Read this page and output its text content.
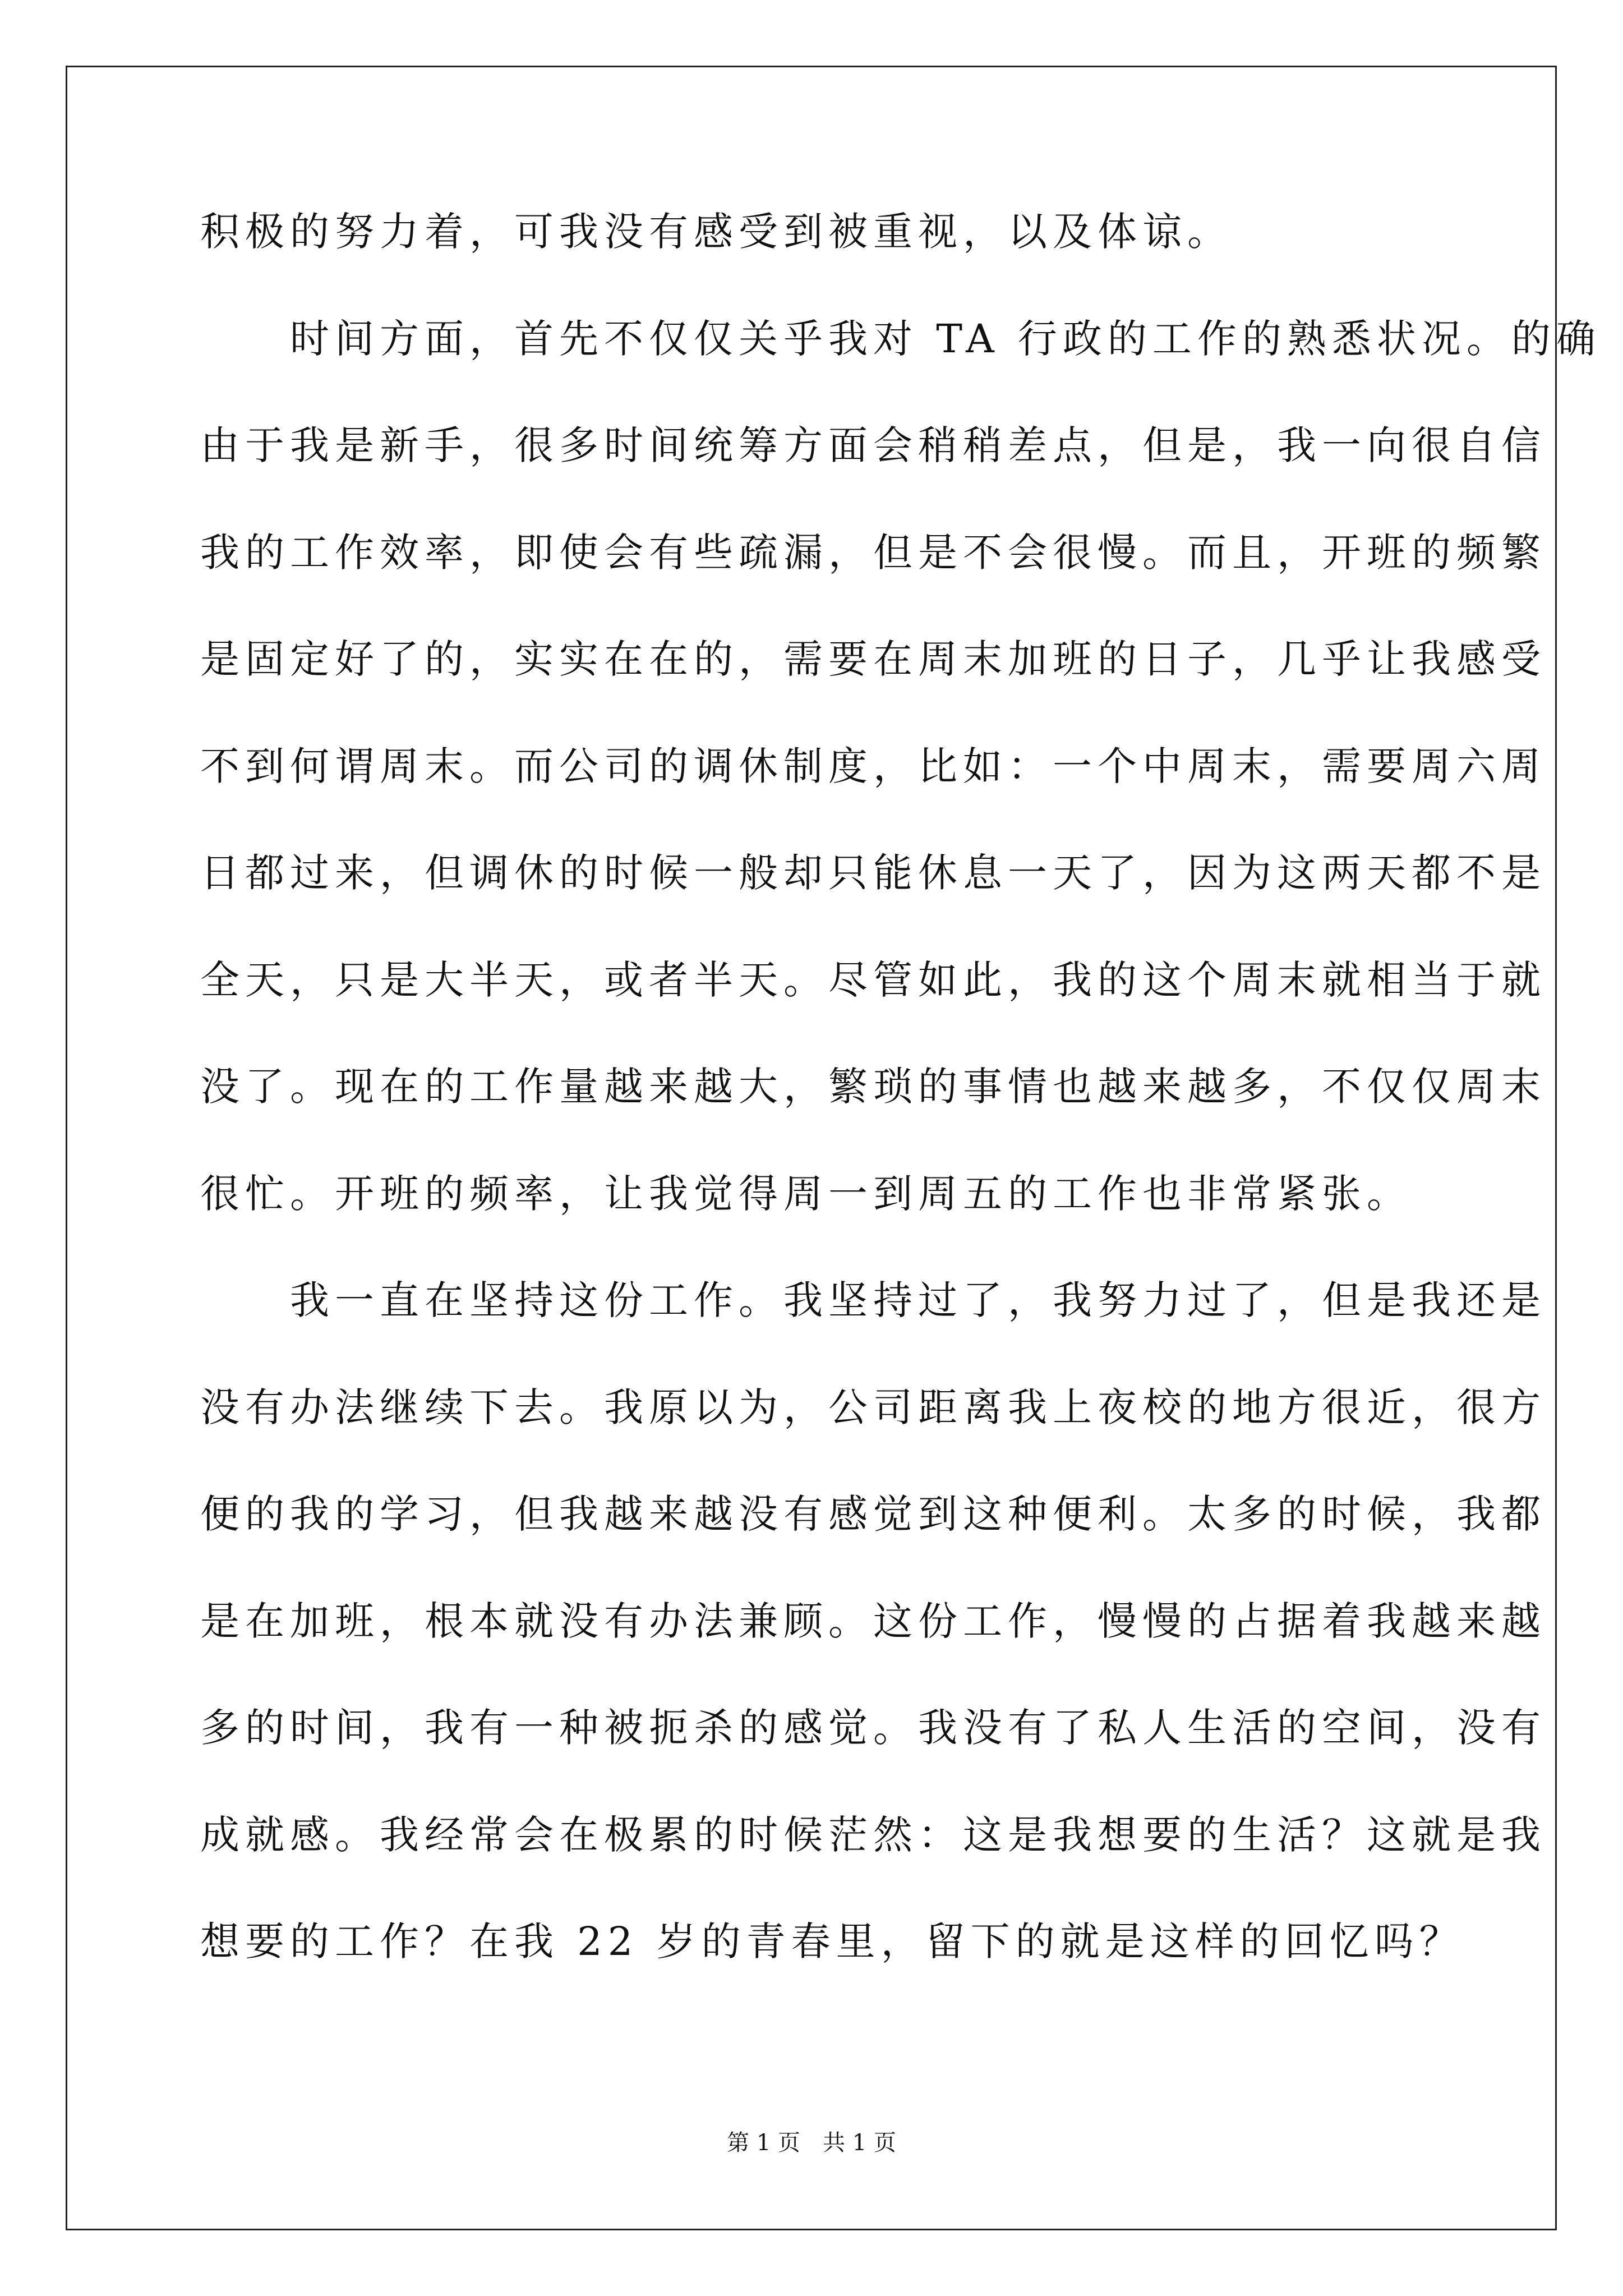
积极的努力着，可我没有感受到被重视，以及体谅。
　　时间方面，首先不仅仅关乎我对 TA 行政的工作的熟悉状况。的确
由于我是新手，很多时间统筹方面会稍稍差点，但是，我一向很自信
我的工作效率，即使会有些疏漏，但是不会很慢。而且，开班的频繁
是固定好了的，实实在在的，需要在周末加班的日子，几乎让我感受
不到何谓周末。而公司的调休制度，比如：一个中周末，需要周六周
日都过来，但调休的时候一般却只能休息一天了，因为这两天都不是
全天，只是大半天，或者半天。尽管如此，我的这个周末就相当于就
没了。现在的工作量越来越大，繁琐的事情也越来越多，不仅仅周末
很忙。开班的频率，让我觉得周一到周五的工作也非常紧张。
　　我一直在坚持这份工作。我坚持过了，我努力过了，但是我还是
没有办法继续下去。我原以为，公司距离我上夜校的地方很近，很方
便的我的学习，但我越来越没有感觉到这种便利。太多的时候，我都
是在加班，根本就没有办法兼顾。这份工作，慢慢的占据着我越来越
多的时间，我有一种被扼杀的感觉。我没有了私人生活的空间，没有
成就感。我经常会在极累的时候茫然：这是我想要的生活？这就是我
想要的工作？在我 22 岁的青春里，留下的就是这样的回忆吗？
第 1 页　共 1 页
